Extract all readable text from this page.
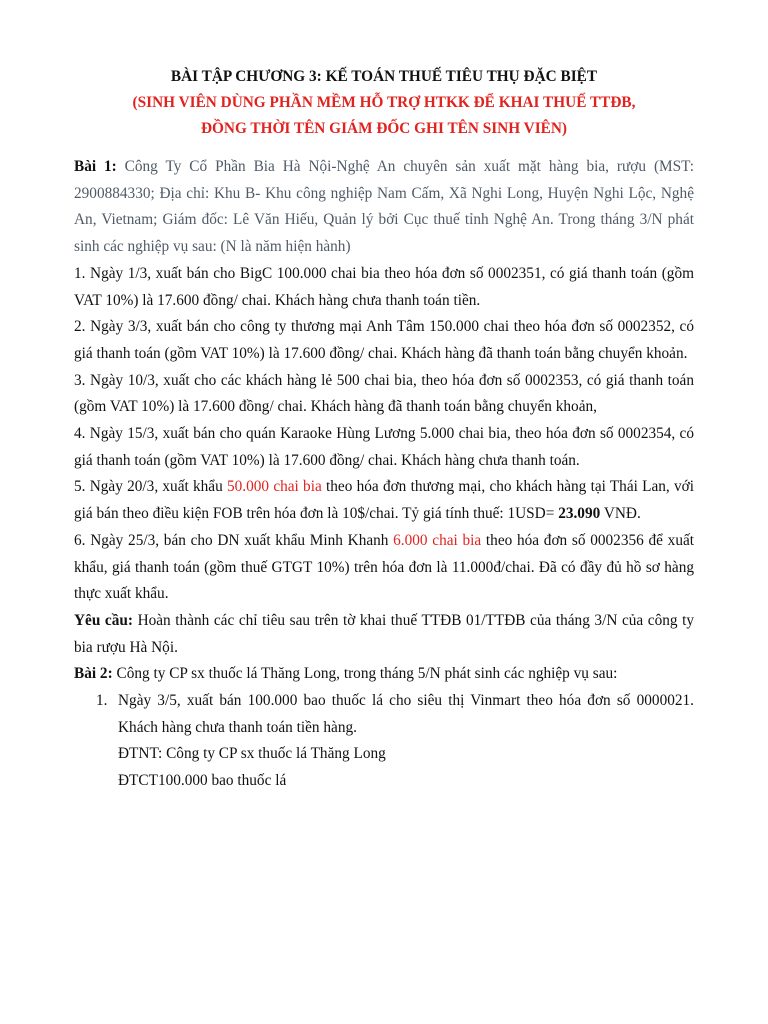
BÀI TẬP CHƯƠNG 3: KẾ TOÁN THUẾ TIÊU THỤ ĐẶC BIỆT
(SINH VIÊN DÙNG PHẦN MỀM HỖ TRỢ HTKK ĐỂ KHAI THUẾ TTĐB,
ĐỒNG THỜI TÊN GIÁM ĐỐC GHI TÊN SINH VIÊN)
Bài 1: Công Ty Cổ Phần Bia Hà Nội-Nghệ An chuyên sản xuất mặt hàng bia, rượu (MST: 2900884330; Địa chỉ: Khu B- Khu công nghiệp Nam Cấm, Xã Nghi Long, Huyện Nghi Lộc, Nghệ An, Vietnam; Giám đốc: Lê Văn Hiếu, Quản lý bởi Cục thuế tỉnh Nghệ An. Trong tháng 3/N phát sinh các nghiệp vụ sau: (N là năm hiện hành)
1. Ngày 1/3, xuất bán cho BigC 100.000 chai bia theo hóa đơn số 0002351, có giá thanh toán (gồm VAT 10%) là 17.600 đồng/ chai. Khách hàng chưa thanh toán tiền.
2. Ngày 3/3, xuất bán cho công ty thương mại Anh Tâm 150.000 chai theo hóa đơn số 0002352, có giá thanh toán (gồm VAT 10%) là 17.600 đồng/ chai. Khách hàng đã thanh toán bằng chuyển khoản.
3. Ngày 10/3, xuất cho các khách hàng lẻ 500 chai bia, theo hóa đơn số 0002353, có giá thanh toán (gồm VAT 10%) là 17.600 đồng/ chai. Khách hàng đã thanh toán bằng chuyển khoản,
4. Ngày 15/3, xuất bán cho quán Karaoke Hùng Lương 5.000 chai bia, theo hóa đơn số 0002354, có giá thanh toán (gồm VAT 10%) là 17.600 đồng/ chai. Khách hàng chưa thanh toán.
5. Ngày 20/3, xuất khẩu 50.000 chai bia theo hóa đơn thương mại, cho khách hàng tại Thái Lan, với giá bán theo điều kiện FOB trên hóa đơn là 10$/chai. Tỷ giá tính thuế: 1USD= 23.090 VNĐ.
6. Ngày 25/3, bán cho DN xuất khẩu Minh Khanh 6.000 chai bia theo hóa đơn số 0002356 để xuất khẩu, giá thanh toán (gồm thuế GTGT 10%) trên hóa đơn là 11.000đ/chai. Đã có đầy đủ hồ sơ hàng thực xuất khẩu.
Yêu cầu: Hoàn thành các chỉ tiêu sau trên tờ khai thuế TTĐB 01/TTĐB của tháng 3/N của công ty bia rượu Hà Nội.
Bài 2: Công ty CP sx thuốc lá Thăng Long, trong tháng 5/N phát sinh các nghiệp vụ sau:
1. Ngày 3/5, xuất bán 100.000 bao thuốc lá cho siêu thị Vinmart theo hóa đơn số 0000021. Khách hàng chưa thanh toán tiền hàng.
ĐTNT: Công ty CP sx thuốc lá Thăng Long
ĐTCT100.000 bao thuốc lá
